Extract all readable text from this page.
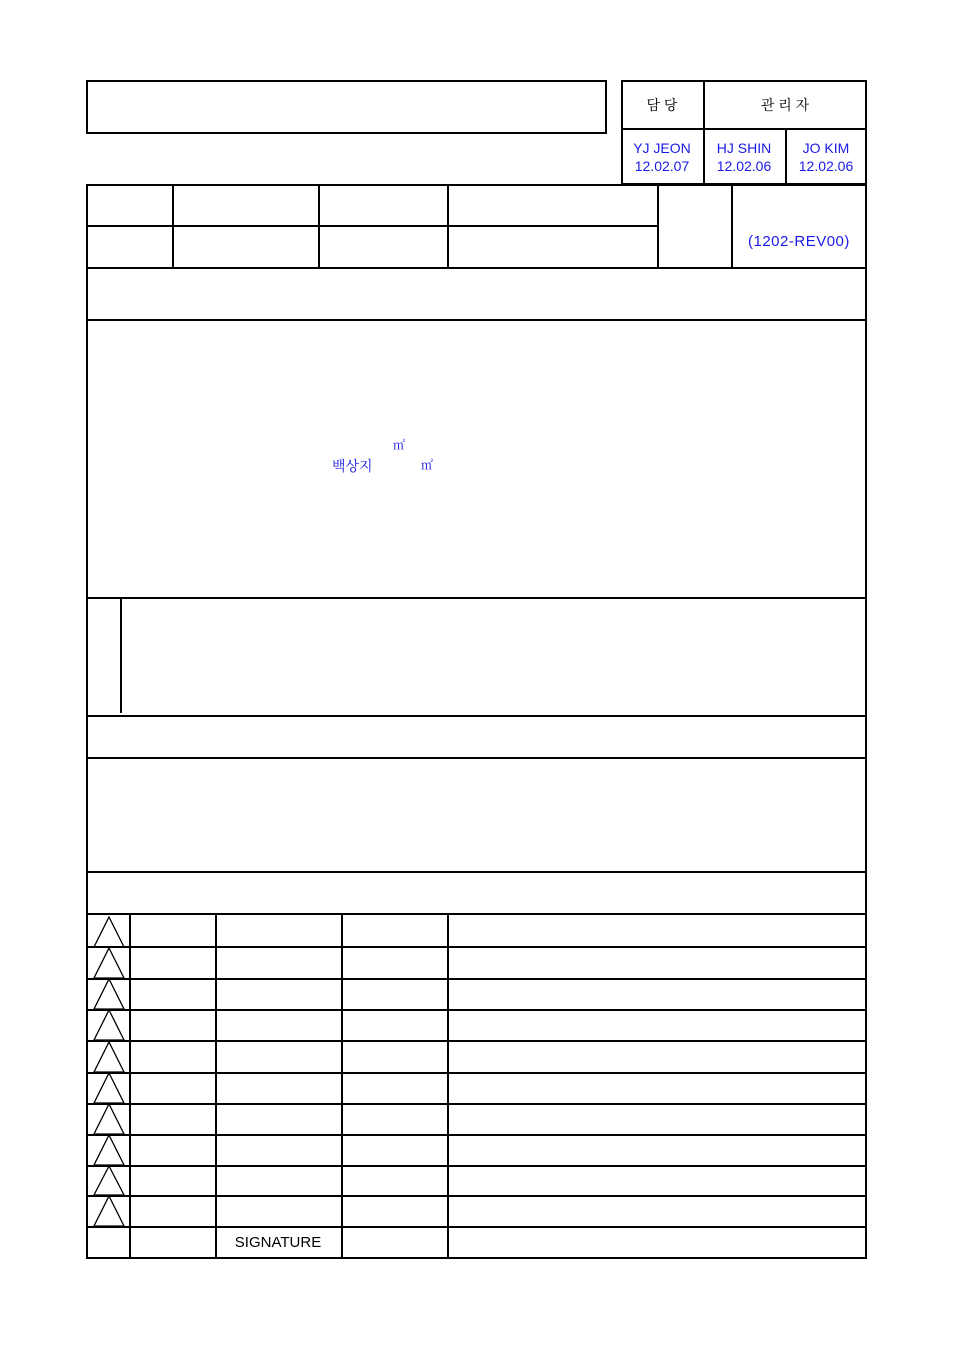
담 당	관 리 자
YJ JEON
12.02.07
HJ SHIN
12.02.06
JO KIM
12.02.06
(1202-REV00)
㎡
백상지	㎡
SIGNATURE
